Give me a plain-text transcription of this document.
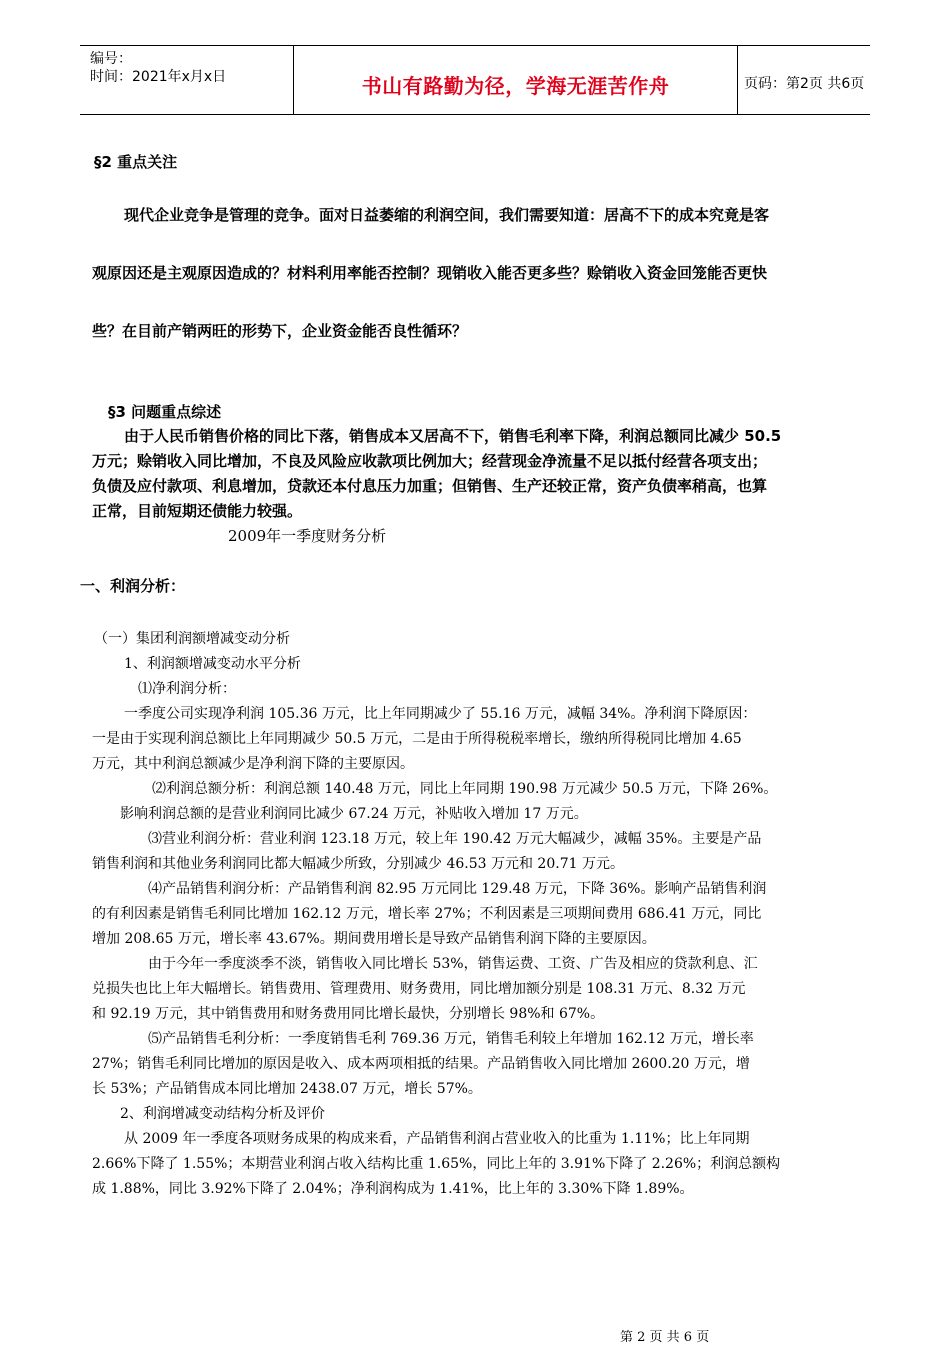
编号：
时间：2021年x月x日	书山有路勤为径，学海无涯苦作舟	页码：第2页 共6页
§2 重点关注
现代企业竞争是管理的竞争。面对日益萎缩的利润空间，我们需要知道：居高不下的成本究竟是客
观原因还是主观原因造成的？材料利用率能否控制？现销收入能否更多些？赊销收入资金回笼能否更快
些？在目前产销两旺的形势下，企业资金能否良性循环？
§3 问题重点综述
由于人民币销售价格的同比下落，销售成本又居高不下，销售毛利率下降，利润总额同比减少 50.5
万元；赊销收入同比增加，不良及风险应收款项比例加大；经营现金净流量不足以抵付经营各项支出；
负债及应付款项、利息增加，贷款还本付息压力加重；但销售、生产还较正常，资产负债率稍高，也算
正常，目前短期还债能力较强。
2009年一季度财务分析
一、利润分析：
（一）集团利润额增减变动分析
1、利润额增减变动水平分析
⑴净利润分析：
一季度公司实现净利润 105.36 万元，比上年同期减少了 55.16 万元，减幅 34%。净利润下降原因：
一是由于实现利润总额比上年同期减少 50.5 万元，二是由于所得税税率增长，缴纳所得税同比增加 4.65
万元，其中利润总额减少是净利润下降的主要原因。
⑵利润总额分析：利润总额 140.48 万元，同比上年同期 190.98 万元减少 50.5 万元，下降 26%。
影响利润总额的是营业利润同比减少 67.24 万元，补贴收入增加 17 万元。
⑶营业利润分析：营业利润 123.18 万元，较上年 190.42 万元大幅减少，减幅 35%。主要是产品
销售利润和其他业务利润同比都大幅减少所致，分别减少 46.53 万元和 20.71 万元。
⑷产品销售利润分析：产品销售利润 82.95 万元同比 129.48 万元，下降 36%。影响产品销售利润
的有利因素是销售毛利同比增加 162.12 万元，增长率 27%；不利因素是三项期间费用 686.41 万元，同比
增加 208.65 万元，增长率 43.67%。期间费用增长是导致产品销售利润下降的主要原因。
由于今年一季度淡季不淡，销售收入同比增长 53%，销售运费、工资、广告及相应的贷款利息、汇
兑损失也比上年大幅增长。销售费用、管理费用、财务费用，同比增加额分别是 108.31 万元、8.32 万元
和 92.19 万元，其中销售费用和财务费用同比增长最快，分别增长 98%和 67%。
⑸产品销售毛利分析：一季度销售毛利 769.36 万元，销售毛利较上年增加 162.12 万元，增长率
27%；销售毛利同比增加的原因是收入、成本两项相抵的结果。产品销售收入同比增加 2600.20 万元，增
长 53%；产品销售成本同比增加 2438.07 万元，增长 57%。
2、利润增减变动结构分析及评价
从 2009 年一季度各项财务成果的构成来看，产品销售利润占营业收入的比重为 1.11%；比上年同期
2.66%下降了 1.55%；本期营业利润占收入结构比重 1.65%，同比上年的 3.91%下降了 2.26%；利润总额构
成 1.88%，同比 3.92%下降了 2.04%；净利润构成为 1.41%，比上年的 3.30%下降 1.89%。
第 2 页 共 6 页
